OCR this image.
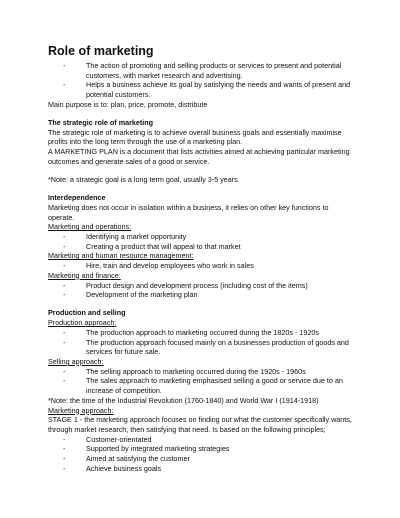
Role of marketing
- The action of promoting and selling products or services to present and potential customers, with market research and advertising.
- Helps a business achieve its goal by satisfying the needs and wants of present and potential customers.

Main purpose is to: plan, price, promote, distribute

The strategic role of marketing

The strategic role of marketing is to achieve overall business goals and essentially maximise profits into the long term through the use of a marketing plan.

A MARKETING PLAN is a document that lists activities aimed at achieving particular marketing outcomes and generate sales of a good or service.

*Note: a strategic goal is a long term goal, usually 3-5 years

Interdependence

Marketing does not occur in isolation within a business, it relies on other key functions to operate.

Marketing and operations:

- Identifying a market opportunity
- Creating a product that will appeal to that market

Marketing and human resource management:

- Hire, train and develop employees who work in sales

Marketing and finance:

- Product design and development process (including cost of the items)
- Development of the marketing plan

Production and selling

Production approach:

- The production approach to marketing occurred during the 1820s - 1920s
- The production approach focused mainly on a businesses production of goods and services for future sale.

Selling approach:

- The selling approach to marketing occurred during the 1920s - 1960s
- The sales approach to marketing emphasised selling a good or service due to an increase of competition.

*Note: the time of the Industrial Revolution (1760-1840) and World War I (1914-1918)

Marketing approach:

STAGE 1 - the marketing approach focuses on finding out what the customer specifically wants, through market research, then satisfying that need. Is based on the following principles;

- Customer-orientated
- Supported by integrated marketing strategies
- Aimed at satisfying the customer
- Achieve business goals
